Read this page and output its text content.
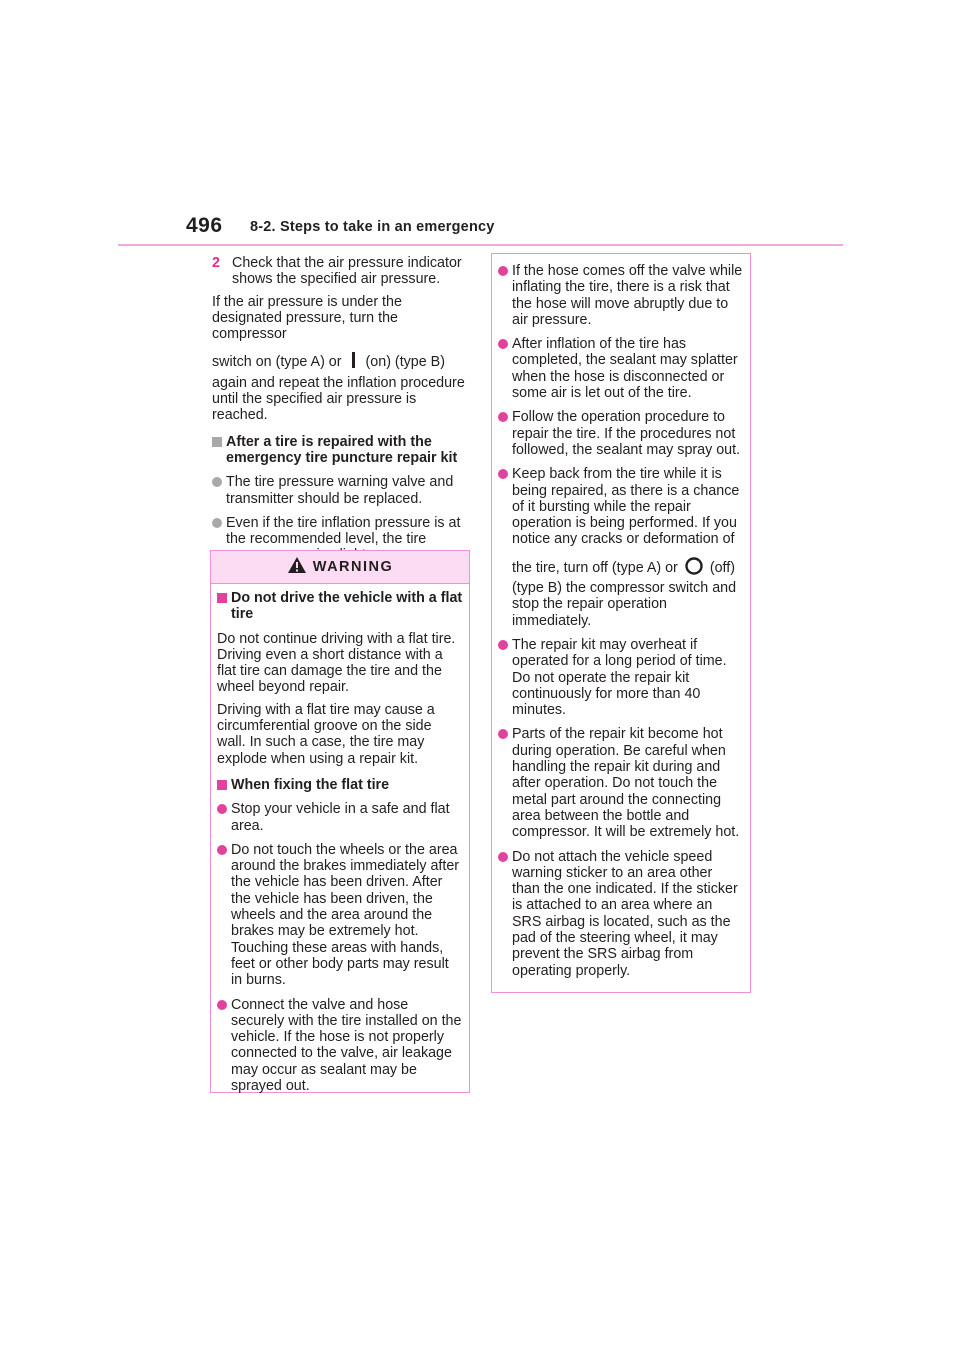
496 8-2. Steps to take in an emergency
2 Check that the air pressure indicator shows the specified air pressure.

If the air pressure is under the designated pressure, turn the compressor

switch on (type A) or (on) (type B)

again and repeat the inflation procedure until the specified air pressure is reached.

After a tire is repaired with the emergency tire puncture repair kit
The tire pressure warning valve and transmitter should be replaced.
Even if the tire inflation pressure is at the recommended level, the tire
WARNING
Do not drive the vehicle with a flat tire

Do not continue driving with a flat tire. Driving even a short distance with a flat tire can damage the tire and the wheel beyond repair.

Driving with a flat tire may cause a circumferential groove on the side wall. In such a case, the tire may explode when using a repair kit.

When fixing the flat tire
Stop your vehicle in a safe and flat area.
Do not touch the wheels or the area around the brakes immediately after the vehicle has been driven. After the vehicle has been driven, the wheels and the area around the brakes may be extremely hot. Touching these areas with hands, feet or other body parts may result in burns.
Connect the valve and hose securely with the tire installed on the vehicle. If the hose is not properly connected to the valve, air leakage may occur as sealant may be sprayed out.
If the hose comes off the valve while inflating the tire, there is a risk that the hose will move abruptly due to air pressure.
After inflation of the tire has completed, the sealant may splatter when the hose is disconnected or some air is let out of the tire.
Follow the operation procedure to repair the tire. If the procedures not followed, the sealant may spray out.
Keep back from the tire while it is being repaired, as there is a chance of it bursting while the repair operation is being performed. If you notice any cracks or deformation of
the tire, turn off (type A) or (off)
(type B) the compressor switch and stop the repair operation immediately.
The repair kit may overheat if operated for a long period of time. Do not operate the repair kit continuously for more than 40 minutes.
Parts of the repair kit become hot during operation. Be careful when handling the repair kit during and after operation. Do not touch the metal part around the connecting area between the bottle and compressor. It will be extremely hot.
Do not attach the vehicle speed warning sticker to an area other than the one indicated. If the sticker is attached to an area where an SRS airbag is located, such as the pad of the steering wheel, it may prevent the SRS airbag from operating properly.
